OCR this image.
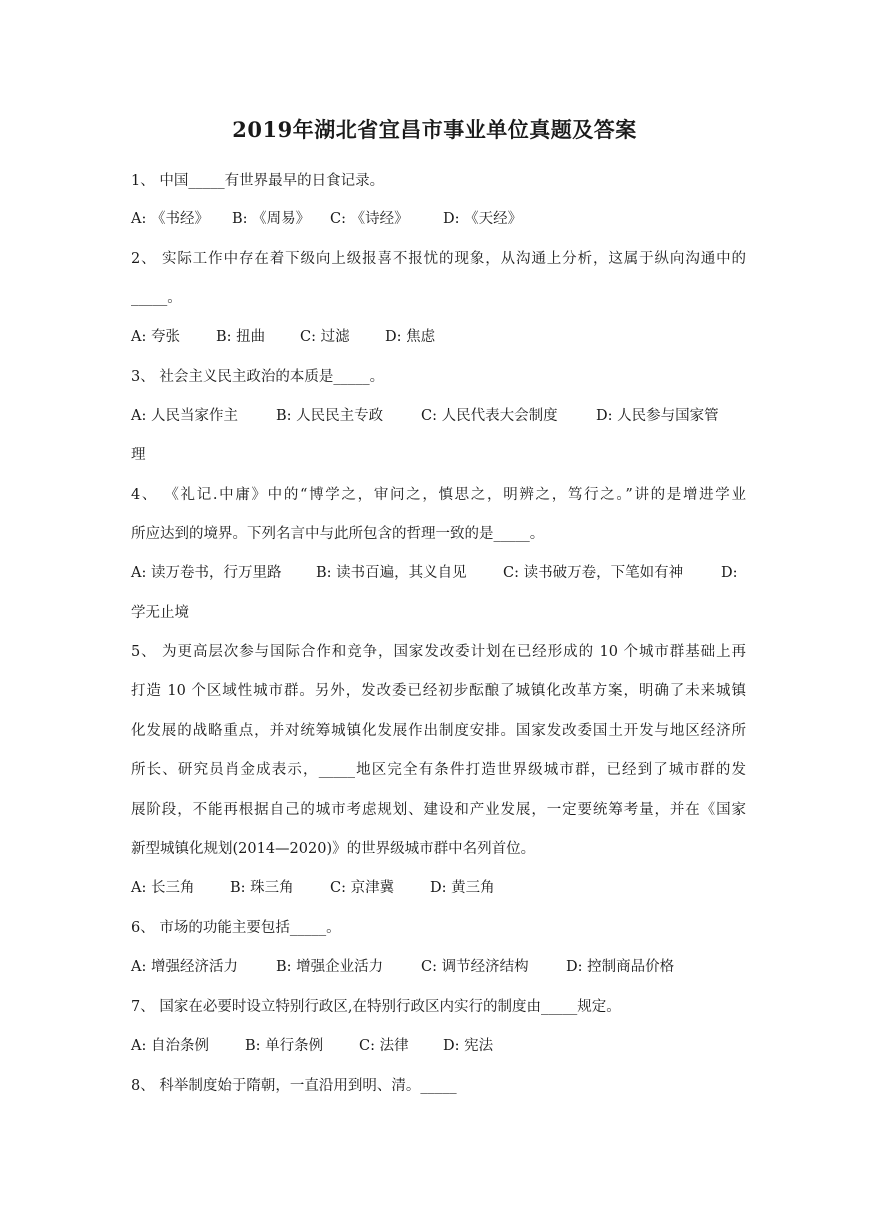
2019年湖北省宜昌市事业单位真题及答案
1、 中国_____有世界最早的日食记录。
A: 《书经》 B: 《周易》 C: 《诗经》 D: 《天经》
2、 实际工作中存在着下级向上级报喜不报忧的现象，从沟通上分析，这属于纵向沟通中的
_____。
A: 夸张 B: 扭曲 C: 过滤 D: 焦虑
3、 社会主义民主政治的本质是_____。
A: 人民当家作主	B: 人民民主专政	C: 人民代表大会制度	D: 人民参与国家管
理
4、 《礼记.中庸》中的“博学之，审问之，慎思之，明辨之，笃行之。”讲的是增进学业
所应达到的境界。下列名言中与此所包含的哲理一致的是_____。
A: 读万卷书，行万里路 B: 读书百遍，其义自见	C: 读书破万卷，下笔如有神	D:
学无止境
5、 为更高层次参与国际合作和竞争，国家发改委计划在已经形成的 10 个城市群基础上再
打造 10 个区域性城市群。另外，发改委已经初步酝酿了城镇化改革方案，明确了未来城镇
化发展的战略重点，并对统筹城镇化发展作出制度安排。国家发改委国土开发与地区经济所
所长、研究员肖金成表示，_____地区完全有条件打造世界级城市群，已经到了城市群的发
展阶段，不能再根据自己的城市考虑规划、建设和产业发展，一定要统筹考量，并在《国家
新型城镇化规划(2014—2020)》的世界级城市群中名列首位。
A: 长三角 B: 珠三角	C: 京津冀 D: 黄三角
6、 市场的功能主要包括_____。
A: 增强经济活力	B: 增强企业活力	C: 调节经济结构	D: 控制商品价格
7、 国家在必要时设立特别行政区,在特别行政区内实行的制度由_____规定。
A: 自治条例 B: 单行条例 C: 法律 D: 宪法
8、 科举制度始于隋朝，一直沿用到明、清。_____
